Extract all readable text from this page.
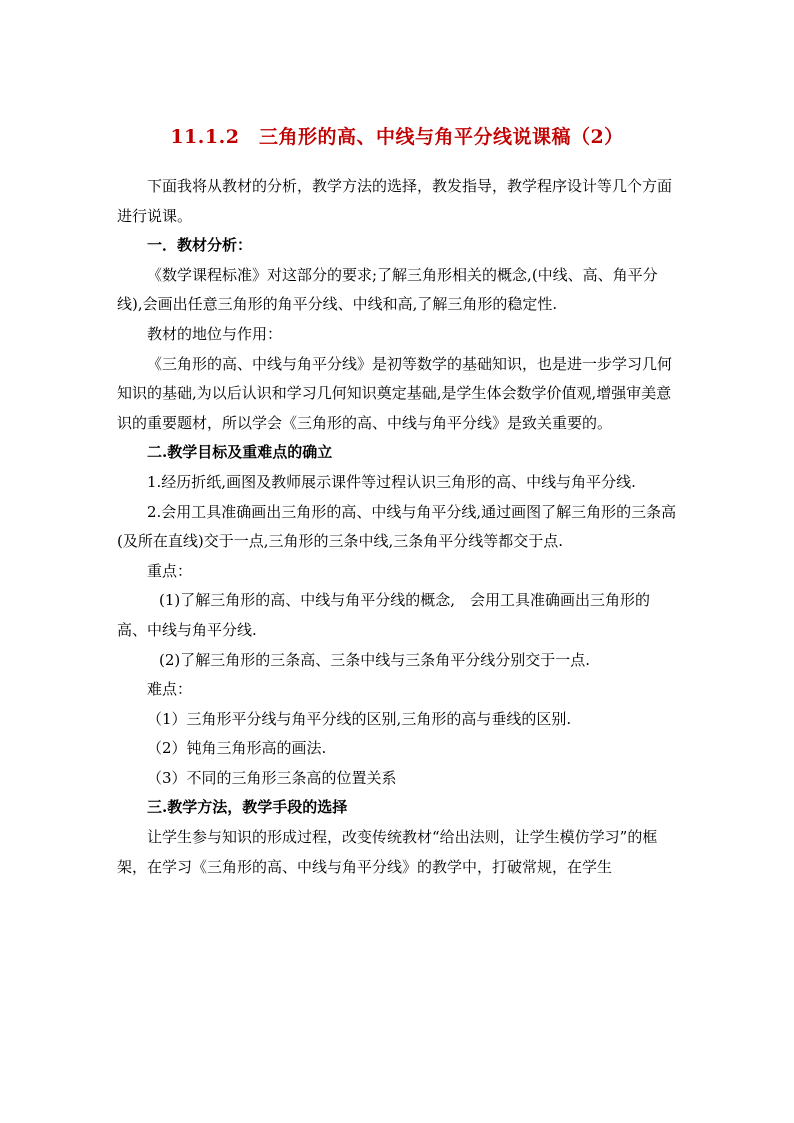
11.1.2　三角形的高、中线与角平分线说课稿（2）

下面我将从教材的分析，教学方法的选择，教发指导，教学程序设计等几个方面进行说课。

一．教材分析：

《数学课程标准》对这部分的要求;了解三角形相关的概念,(中线、高、角平分线),会画出任意三角形的角平分线、中线和高,了解三角形的稳定性.

教材的地位与作用：

《三角形的高、中线与角平分线》是初等数学的基础知识，也是进一步学习几何知识的基础,为以后认识和学习几何知识奠定基础,是学生体会数学价值观,增强审美意识的重要题材，所以学会《三角形的高、中线与角平分线》是致关重要的。

二.教学目标及重难点的确立

1.经历折纸,画图及教师展示课件等过程认识三角形的高、中线与角平分线.

2.会用工具准确画出三角形的高、中线与角平分线,通过画图了解三角形的三条高(及所在直线)交于一点,三角形的三条中线,三条角平分线等都交于点.

重点：

(1)了解三角形的高、中线与角平分线的概念,　会用工具准确画出三角形的高、中线与角平分线.

(2)了解三角形的三条高、三条中线与三条角平分线分别交于一点.

难点：

（1）三角形平分线与角平分线的区别,三角形的高与垂线的区别.

（2）钝角三角形高的画法.

（3）不同的三角形三条高的位置关系

三.教学方法，教学手段的选择

让学生参与知识的形成过程，改变传统教材“给出法则，让学生模仿学习”的框架，在学习《三角形的高、中线与角平分线》的教学中，打破常规，在学生
